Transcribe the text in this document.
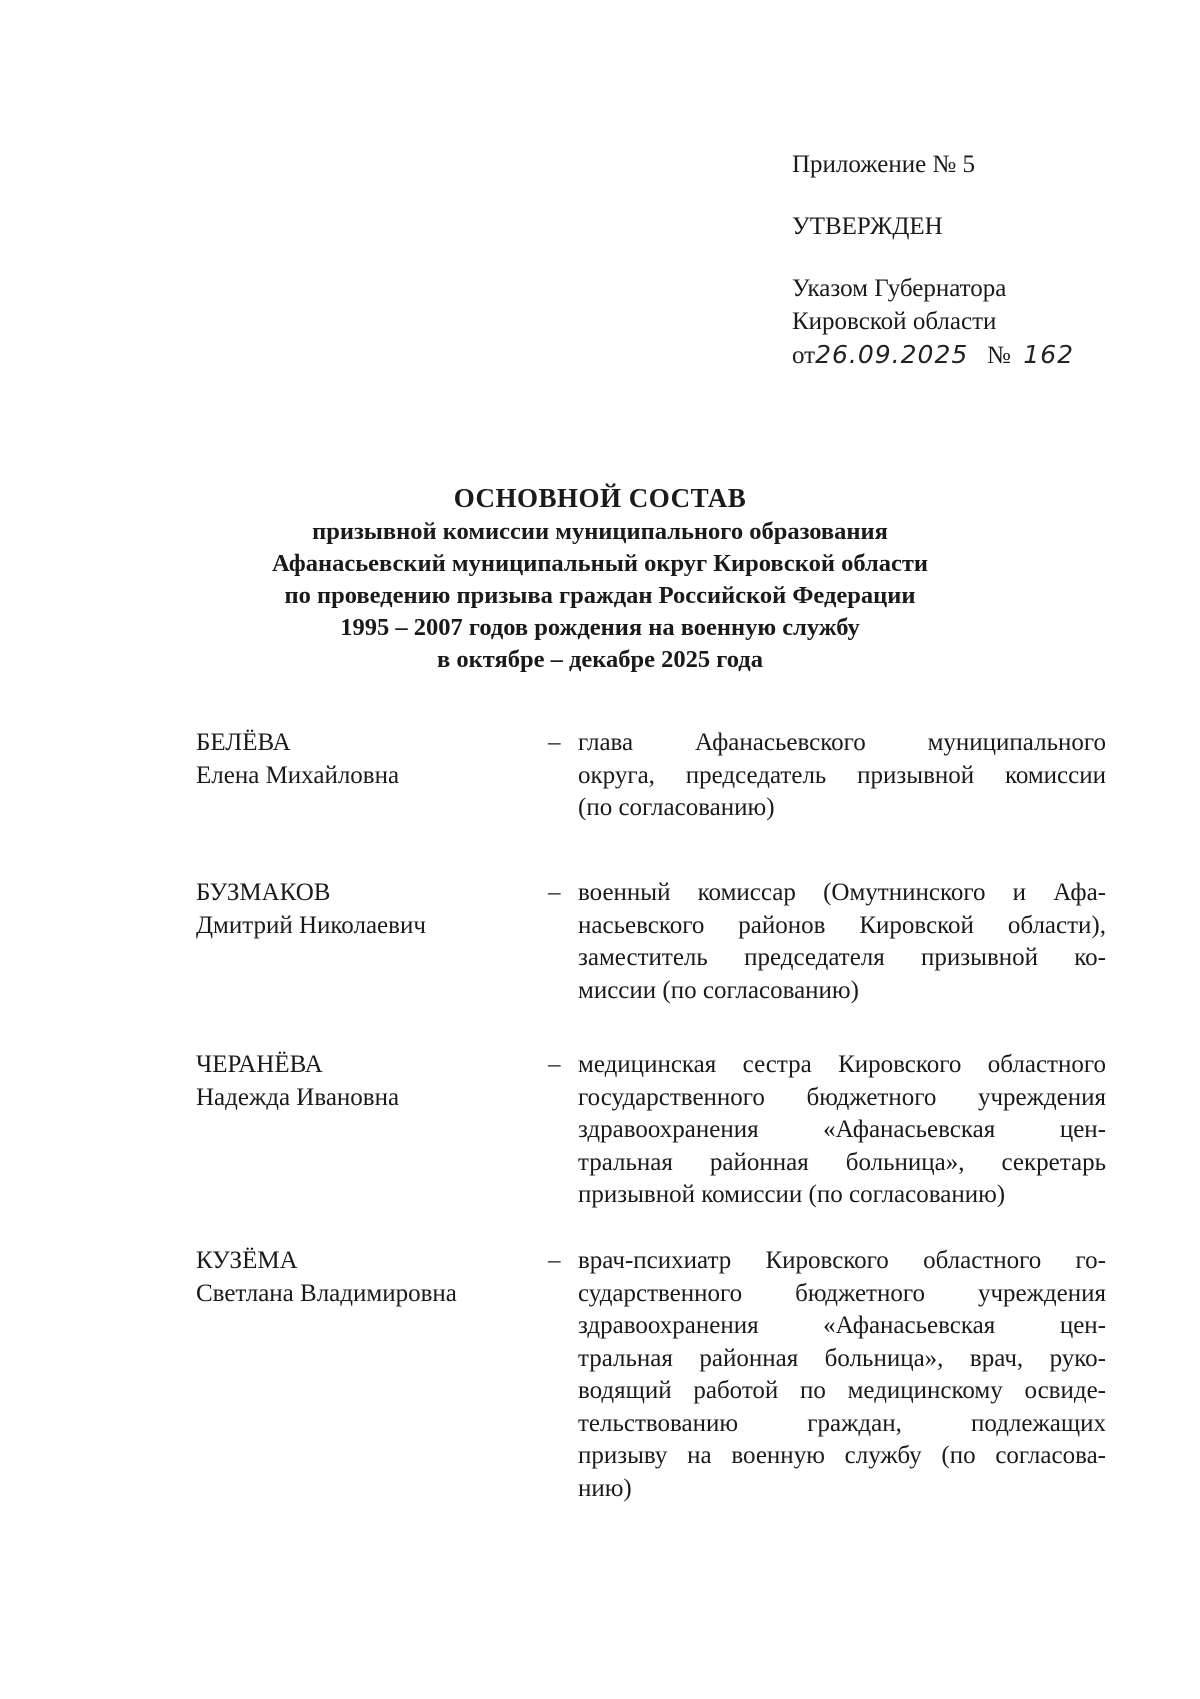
Приложение № 5
УТВЕРЖДЕН
Указом Губернатора
Кировской области
от26.09.2025 № 162
ОСНОВНОЙ СОСТАВ
призывной комиссии муниципального образования
Афанасьевский муниципальный округ Кировской области
по проведению призыва граждан Российской Федерации
1995 – 2007 годов рождения на военную службу
в октябре – декабре 2025 года
БЕЛЁВА
Елена Михайловна
– глава Афанасьевского муниципального
округа, председатель призывной комиссии
(по согласованию)
БУЗМАКОВ
Дмитрий Николаевич
– военный комиссар (Омутнинского и Афа-
насьевского районов Кировской области),
заместитель председателя призывной ко-
миссии (по согласованию)
ЧЕРАНЁВА
Надежда Ивановна
– медицинская сестра Кировского областного
государственного бюджетного учреждения
здравоохранения «Афанасьевская цен-
тральная районная больница», секретарь
призывной комиссии (по согласованию)
КУЗЁМА
Светлана Владимировна
– врач-психиатр Кировского областного го-
сударственного бюджетного учреждения
здравоохранения «Афанасьевская цен-
тральная районная больница», врач, руко-
водящий работой по медицинскому освиде-
тельствованию граждан, подлежащих
призыву на военную службу (по согласова-
нию)
